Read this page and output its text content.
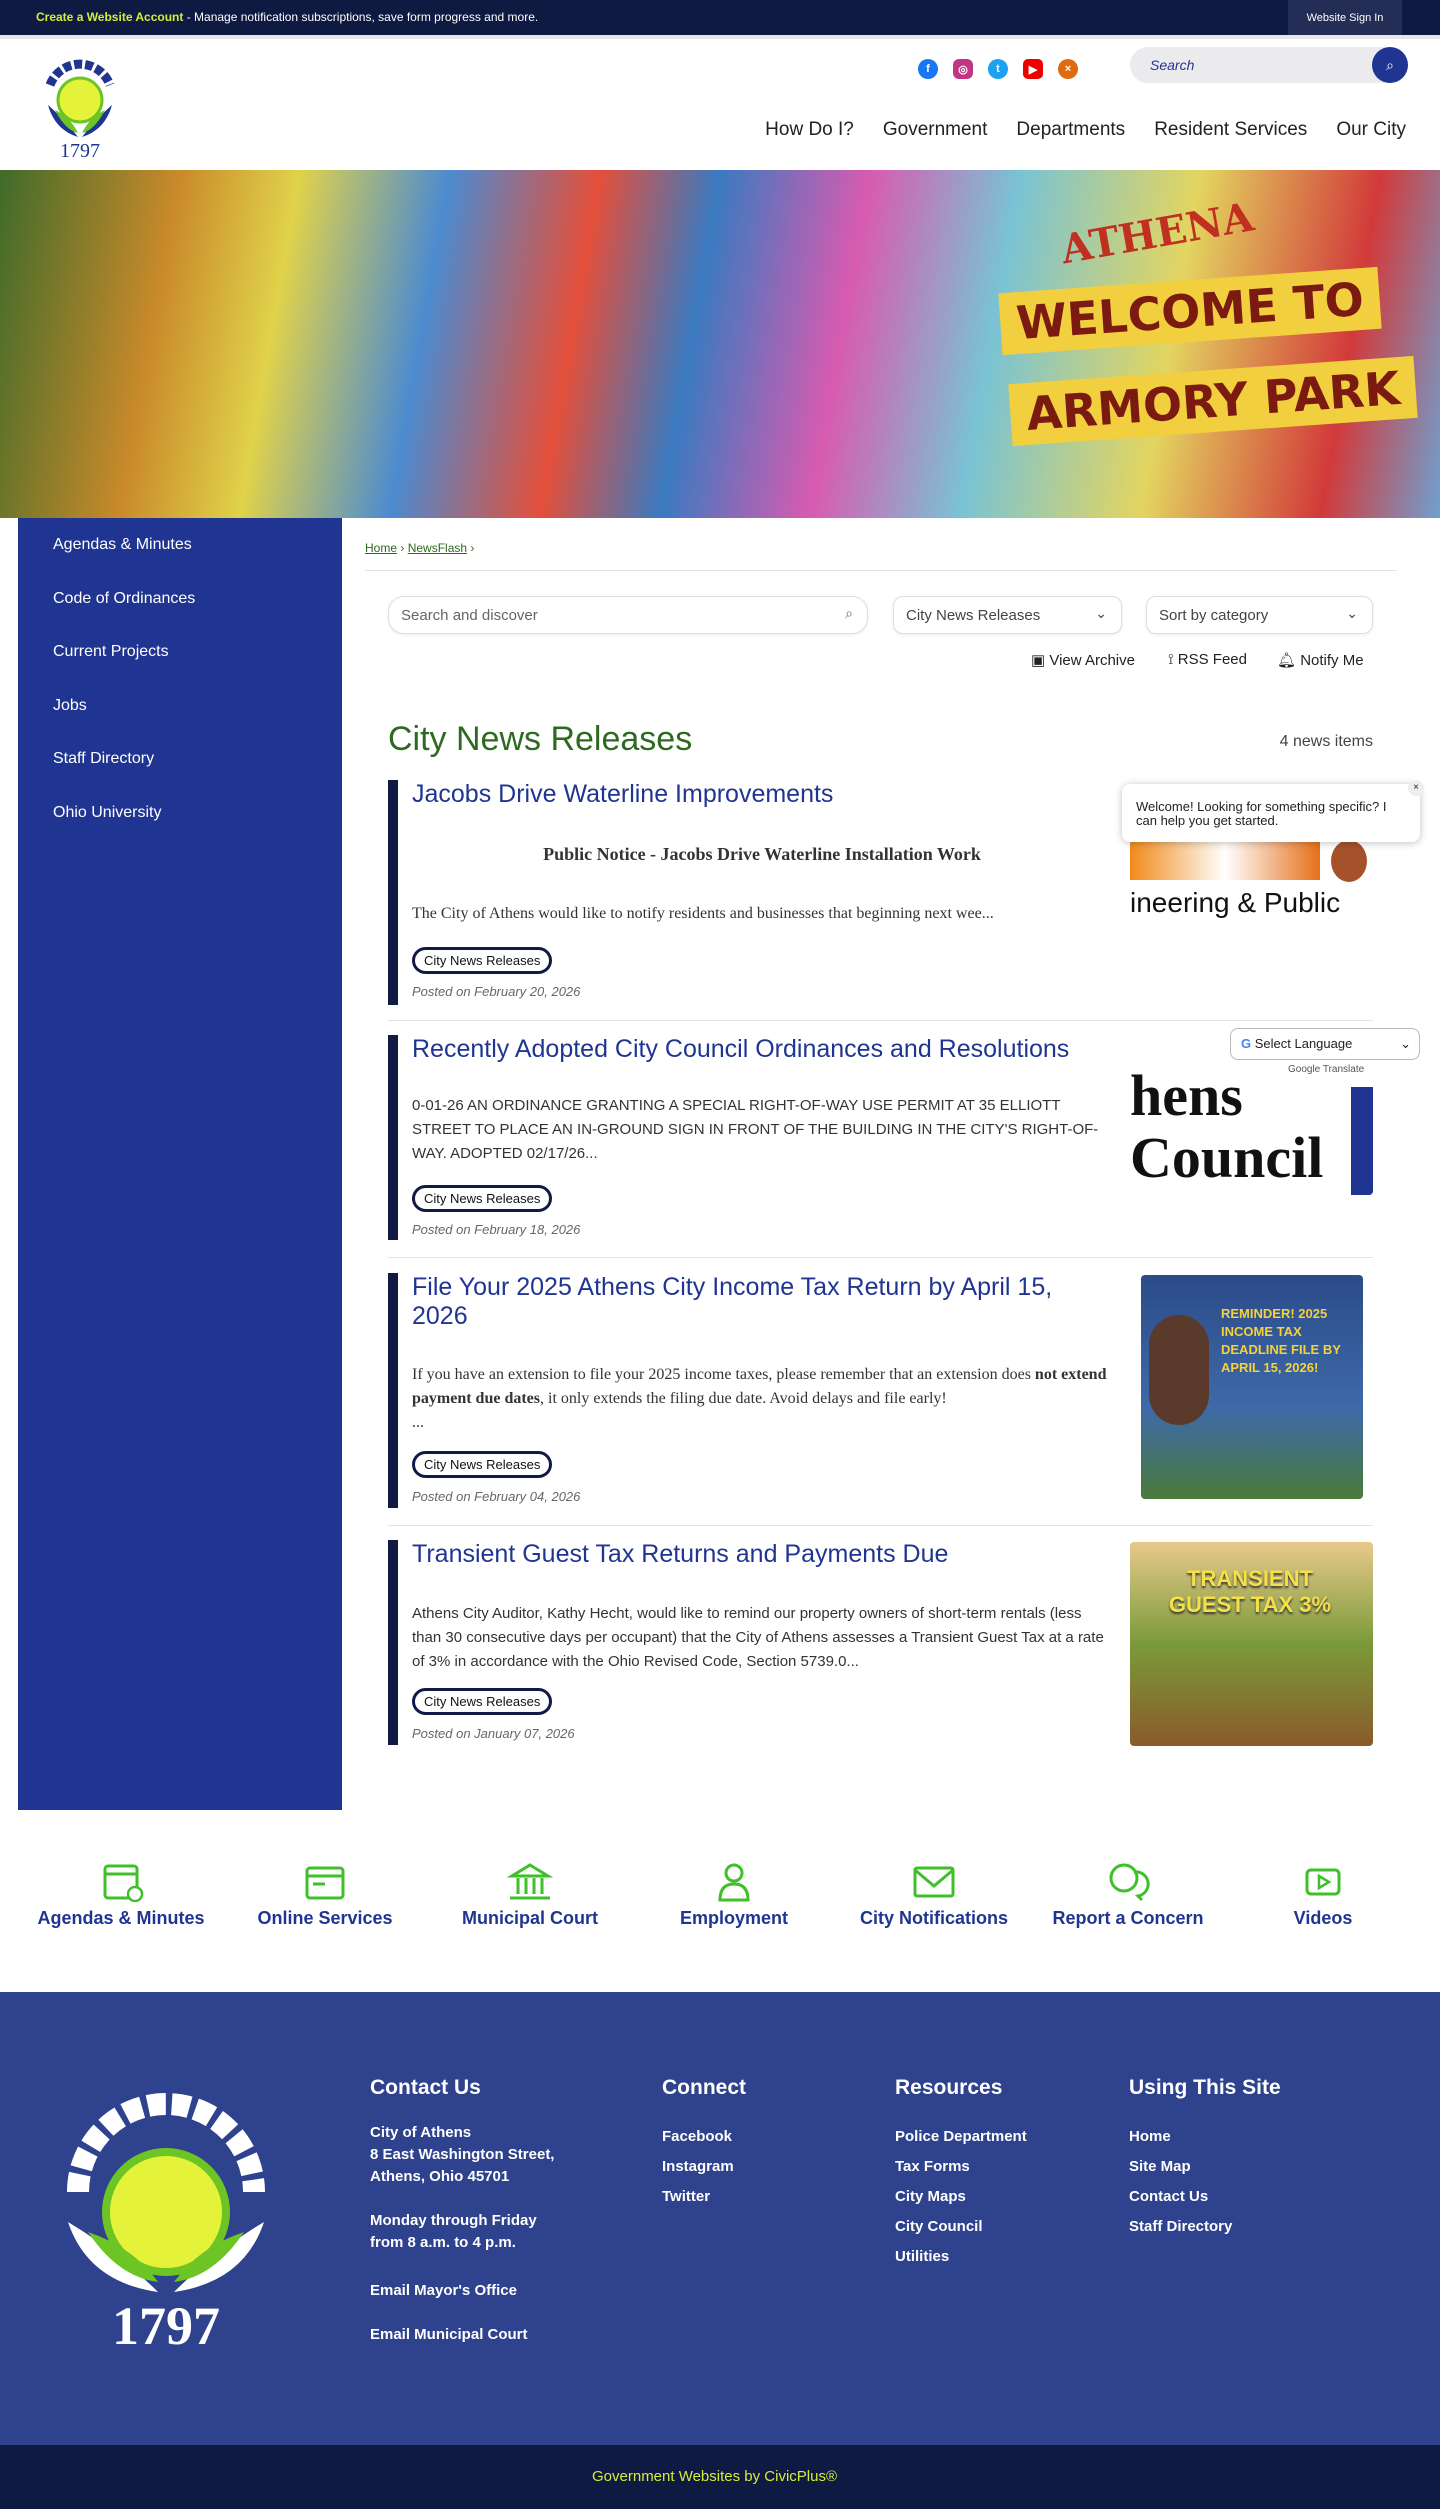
Create a Website Account - Manage notification subscriptions, save form progress and more.	Website Sign In
1797
f	◎	t	▶	×	Search	⌕
How Do I? Government Departments Resident Services Our City
ATHENA
WELCOME TO
ARMORY PARK
Agendas & Minutes
Code of Ordinances
Current Projects
Jobs
Staff Directory
Ohio University
Home › NewsFlash ›
Search and discover	⌕	City News Releases	⌄	Sort by category	⌄
▣ View Archive ⟟ RSS Feed 🔔︎ Notify Me
City News Releases	4 news items
Jacobs Drive Waterline Improvements
Public Notice - Jacobs Drive Waterline Installation Work
The City of Athens would like to notify residents and businesses that beginning next wee...
City News Releases
Posted on February 20, 2026
ineering & Public
Recently Adopted City Council Ordinances and Resolutions
0-01-26 AN ORDINANCE GRANTING A SPECIAL RIGHT-OF-WAY USE PERMIT AT 35 ELLIOTT STREET TO PLACE AN IN-GROUND SIGN IN FRONT OF THE BUILDING IN THE CITY'S RIGHT-OF-WAY. ADOPTED 02/17/26...
City News Releases
Posted on February 18, 2026
hens Council
File Your 2025 Athens City Income Tax Return by April 15, 2026
If you have an extension to file your 2025 income taxes, please remember that an extension does not extend payment due dates, it only extends the filing due date. Avoid delays and file early!
...
City News Releases
Posted on February 04, 2026
REMINDER! 2025 INCOME TAX DEADLINE FILE BY APRIL 15, 2026!
Transient Guest Tax Returns and Payments Due
Athens City Auditor, Kathy Hecht, would like to remind our property owners of short-term rentals (less than 30 consecutive days per occupant) that the City of Athens assesses a Transient Guest Tax at a rate of 3% in accordance with the Ohio Revised Code, Section 5739.0...
City News Releases
Posted on January 07, 2026
TRANSIENT GUEST TAX 3%
Welcome! Looking for something specific? I can help you get started.
×
G Select Language	⌄
Google Translate
Agendas & Minutes	Online Services	Municipal Court	Employment	City Notifications	Report a Concern	Videos
1797
Contact Us
City of Athens
8 East Washington Street,
Athens, Ohio 45701
Monday through Friday
from 8 a.m. to 4 p.m.
Email Mayor's Office
Email Municipal Court
Connect
Facebook
Instagram
Twitter
Resources
Police Department
Tax Forms
City Maps
City Council
Utilities
Using This Site
Home
Site Map
Contact Us
Staff Directory
Government Websites by CivicPlus®
